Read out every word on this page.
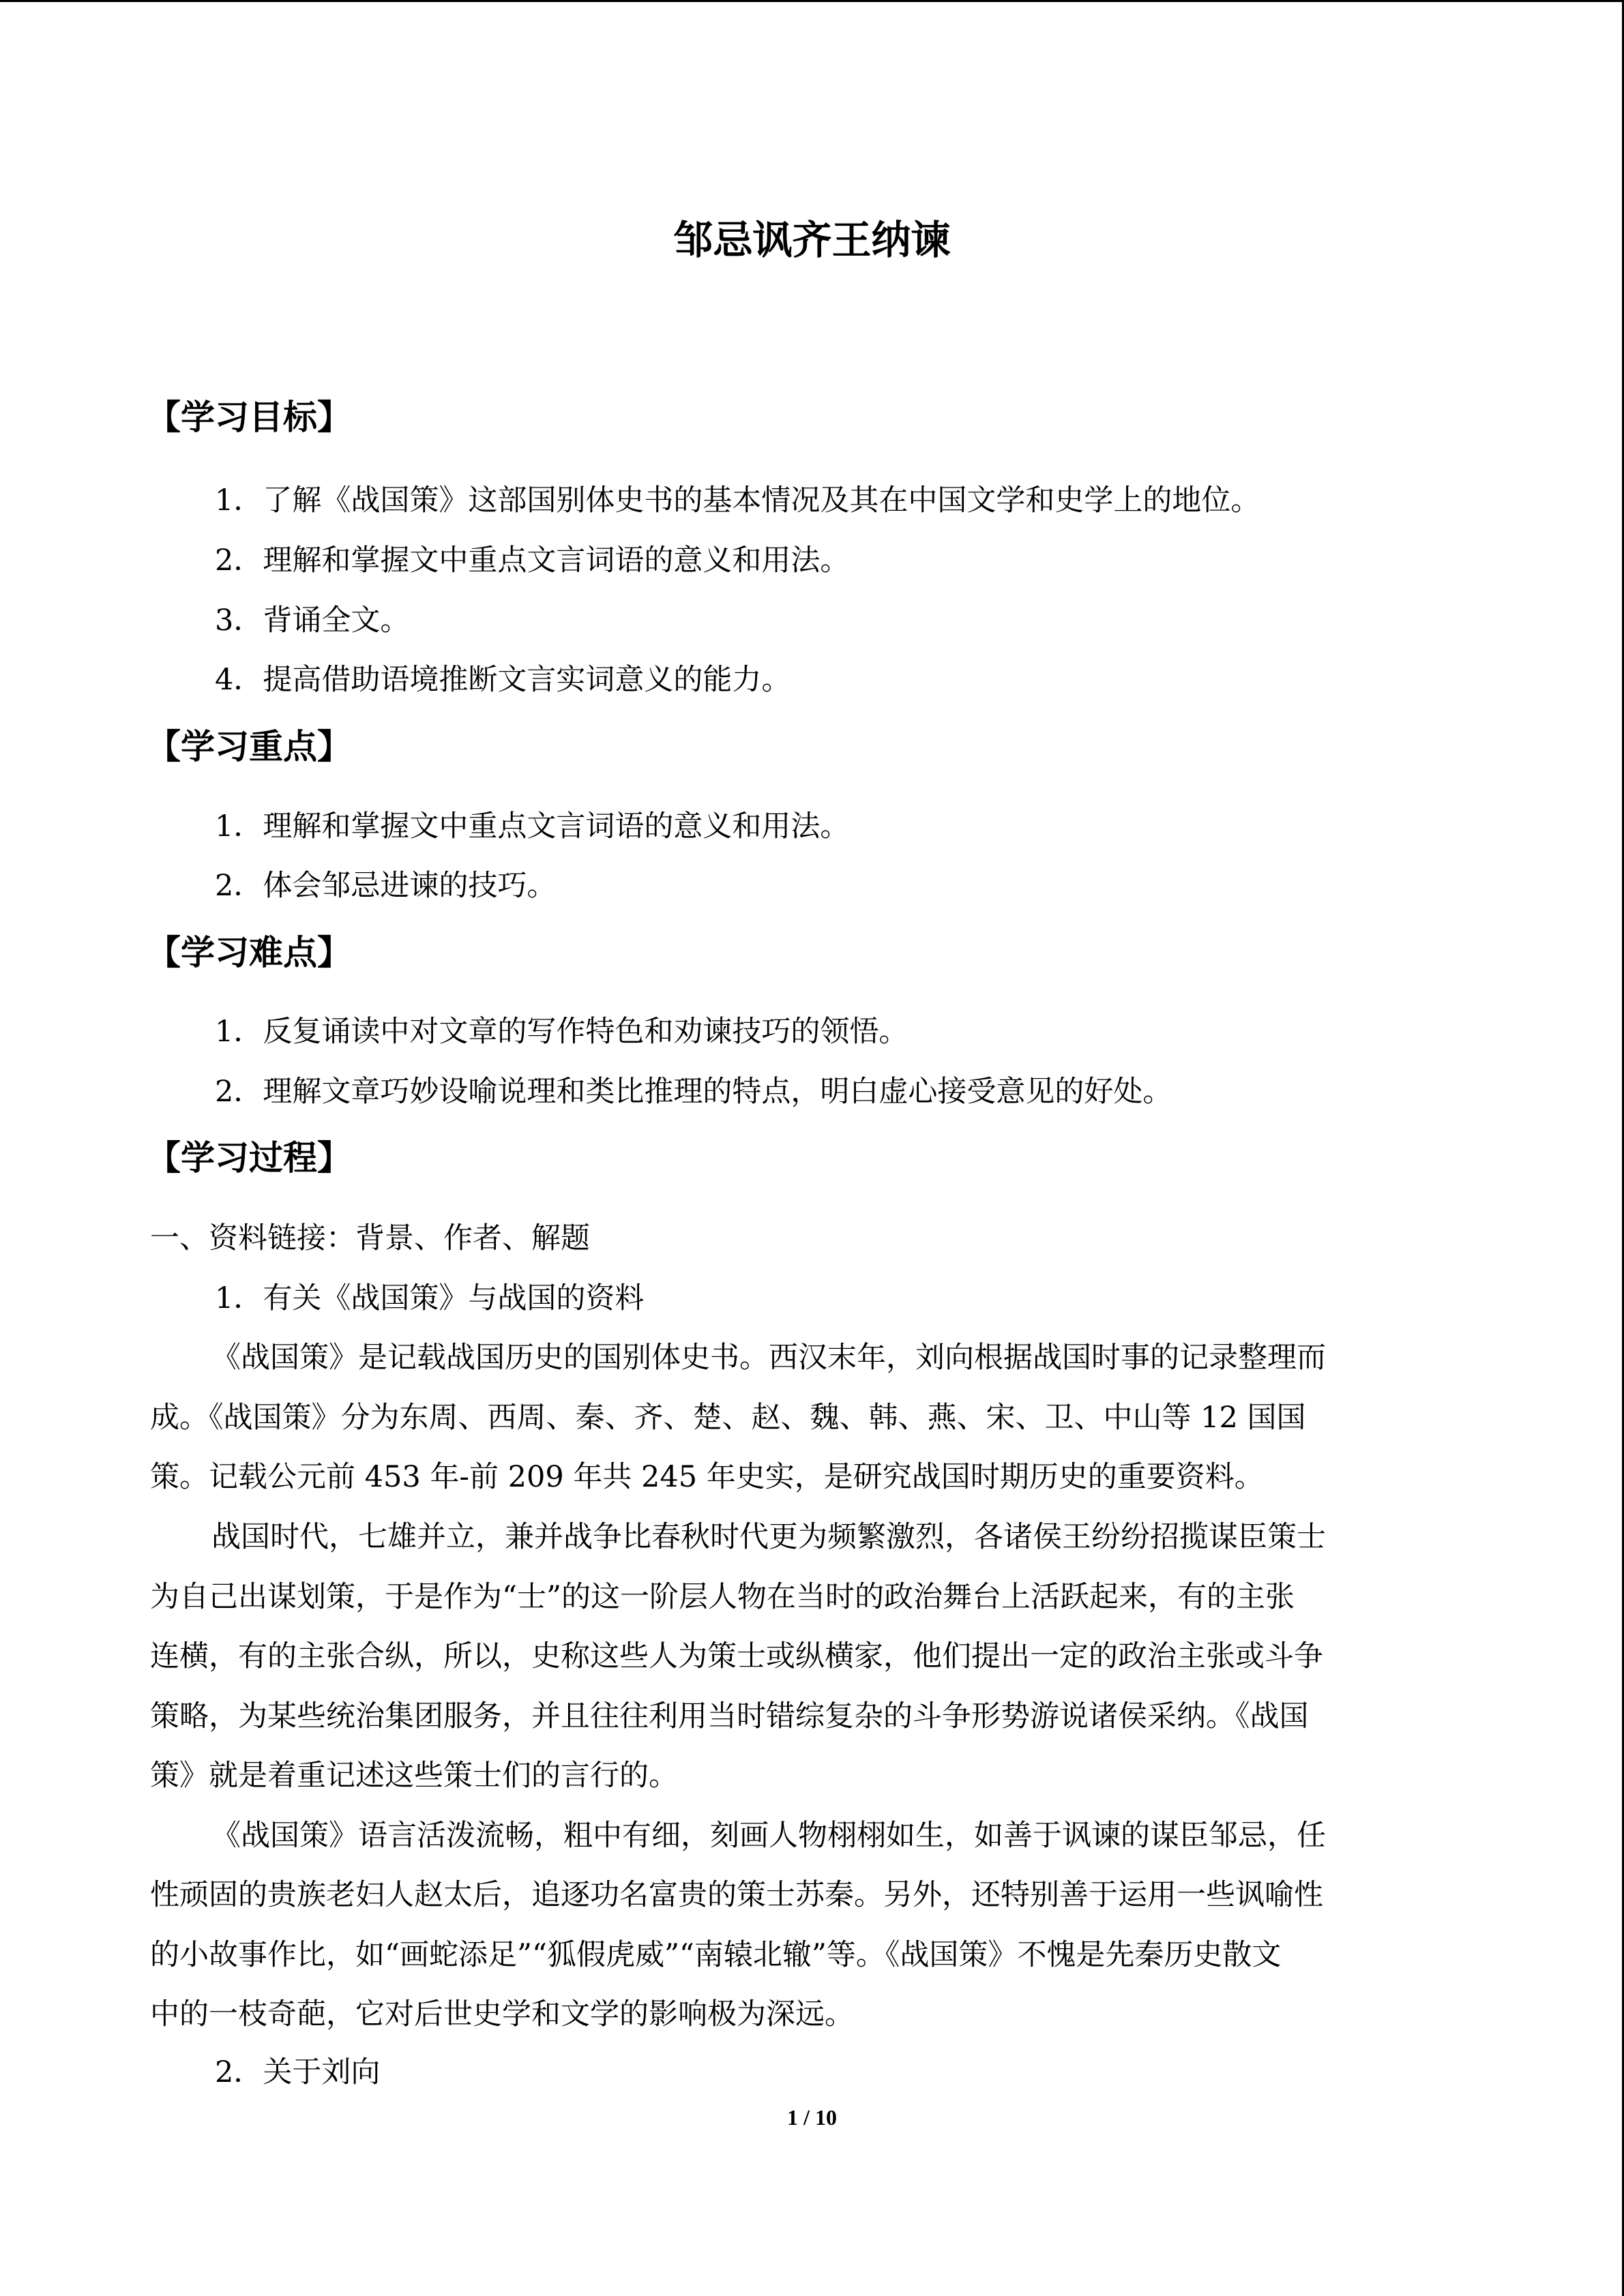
邹忌讽齐王纳谏
【学习目标】
1．了解《战国策》这部国别体史书的基本情况及其在中国文学和史学上的地位。
2．理解和掌握文中重点文言词语的意义和用法。
3．背诵全文。
4．提高借助语境推断文言实词意义的能力。
【学习重点】
1．理解和掌握文中重点文言词语的意义和用法。
2．体会邹忌进谏的技巧。
【学习难点】
1．反复诵读中对文章的写作特色和劝谏技巧的领悟。
2．理解文章巧妙设喻说理和类比推理的特点，明白虚心接受意见的好处。
【学习过程】
一、资料链接：背景、作者、解题
1．有关《战国策》与战国的资料
《战国策》是记载战国历史的国别体史书。西汉末年，刘向根据战国时事的记录整理而
成。《战国策》分为东周、西周、秦、齐、楚、赵、魏、韩、燕、宋、卫、中山等 12 国国
策。记载公元前 453 年-前 209 年共 245 年史实，是研究战国时期历史的重要资料。
战国时代，七雄并立，兼并战争比春秋时代更为频繁激烈，各诸侯王纷纷招揽谋臣策士
为自己出谋划策，于是作为“士”的这一阶层人物在当时的政治舞台上活跃起来，有的主张
连横，有的主张合纵，所以，史称这些人为策士或纵横家，他们提出一定的政治主张或斗争
策略，为某些统治集团服务，并且往往利用当时错综复杂的斗争形势游说诸侯采纳。《战国
策》就是着重记述这些策士们的言行的。
《战国策》语言活泼流畅，粗中有细，刻画人物栩栩如生，如善于讽谏的谋臣邹忌，任
性顽固的贵族老妇人赵太后，追逐功名富贵的策士苏秦。另外，还特别善于运用一些讽喻性
的小故事作比，如“画蛇添足”“狐假虎威”“南辕北辙”等。《战国策》不愧是先秦历史散文
中的一枝奇葩，它对后世史学和文学的影响极为深远。
2．关于刘向
1 / 10
